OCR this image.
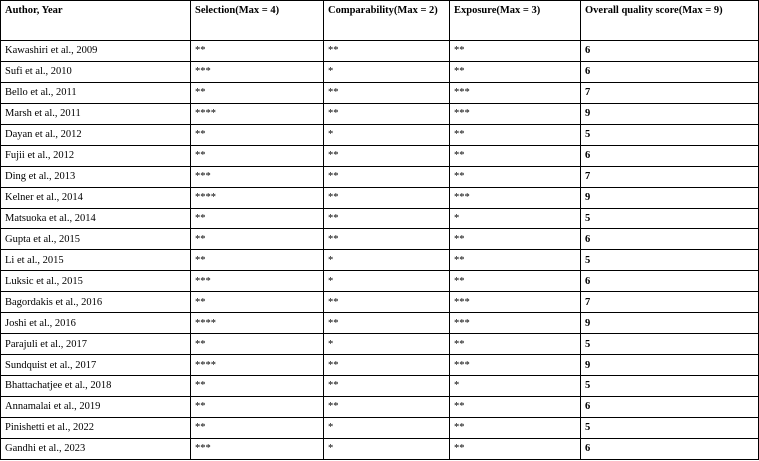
Author, Year	Selection(Max = 4)	Comparability(Max = 2)	Exposure(Max = 3)	Overall quality score(Max = 9)
Kawashiri et al., 2009	**	**	**	6
Sufi et al., 2010	***	*	**	6
Bello et al., 2011	**	**	***	7
Marsh et al., 2011	****	**	***	9
Dayan et al., 2012	**	*	**	5
Fujii et al., 2012	**	**	**	6
Ding et al., 2013	***	**	**	7
Kelner et al., 2014	****	**	***	9
Matsuoka et al., 2014	**	**	*	5
Gupta et al., 2015	**	**	**	6
Li et al., 2015	**	*	**	5
Luksic et al., 2015	***	*	**	6
Bagordakis et al., 2016	**	**	***	7
Joshi et al., 2016	****	**	***	9
Parajuli et al., 2017	**	*	**	5
Sundquist et al., 2017	****	**	***	9
Bhattachatjee et al., 2018	**	**	*	5
Annamalai et al., 2019	**	**	**	6
Pinishetti et al., 2022	**	*	**	5
Gandhi et al., 2023	***	*	**	6
